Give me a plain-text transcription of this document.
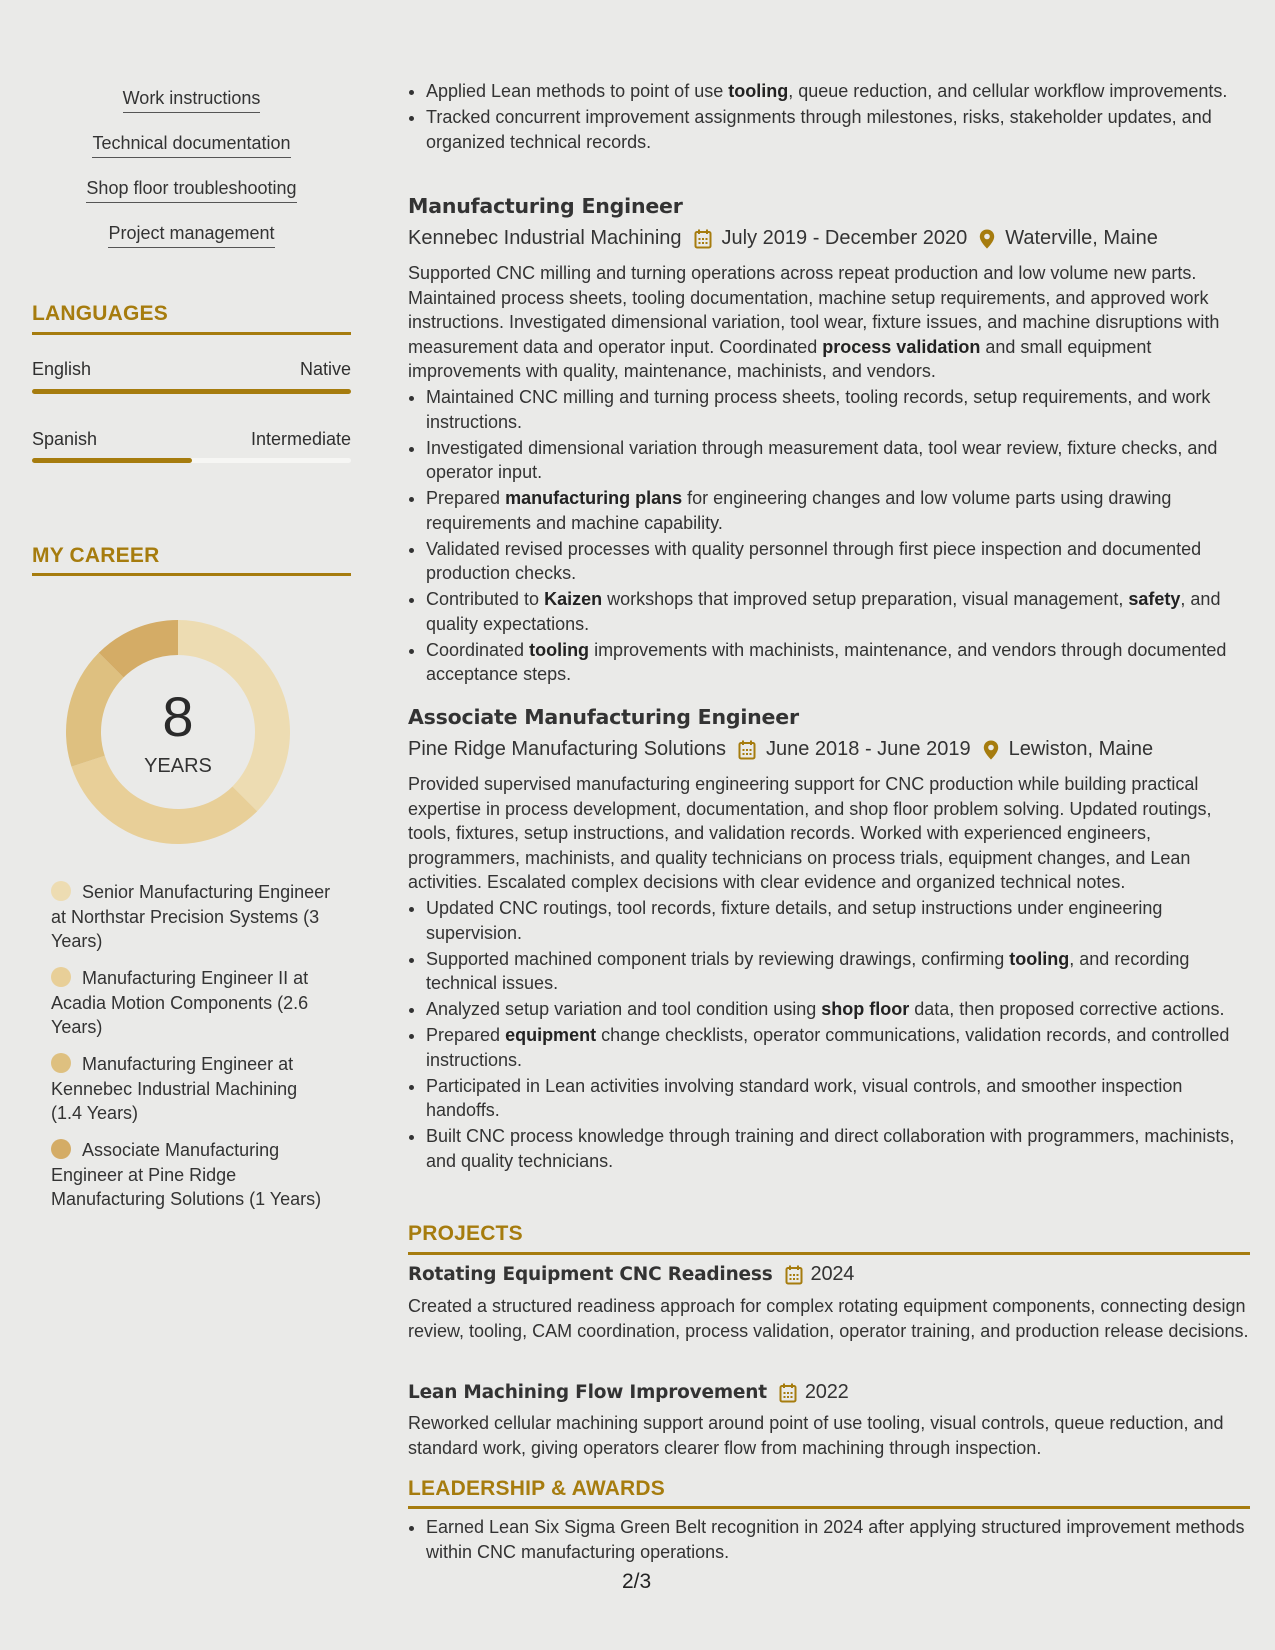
Work instructions
Technical documentation
Shop floor troubleshooting
Project management
LANGUAGES
English	Native
Spanish	Intermediate
MY CAREER
8
YEARS
Senior Manufacturing Engineer at Northstar Precision Systems (3 Years)
Manufacturing Engineer II at Acadia Motion Components (2.6 Years)
Manufacturing Engineer at Kennebec Industrial Machining (1.4 Years)
Associate Manufacturing Engineer at Pine Ridge Manufacturing Solutions (1 Years)
• Applied Lean methods to point of use tooling, queue reduction, and cellular workflow improvements.
• Tracked concurrent improvement assignments through milestones, risks, stakeholder updates, and organized technical records.
Manufacturing Engineer
Kennebec Industrial Machining July 2019 - December 2020 Waterville, Maine
Supported CNC milling and turning operations across repeat production and low volume new parts. Maintained process sheets, tooling documentation, machine setup requirements, and approved work instructions. Investigated dimensional variation, tool wear, fixture issues, and machine disruptions with measurement data and operator input. Coordinated process validation and small equipment improvements with quality, maintenance, machinists, and vendors.
• Maintained CNC milling and turning process sheets, tooling records, setup requirements, and work instructions.
• Investigated dimensional variation through measurement data, tool wear review, fixture checks, and operator input.
• Prepared manufacturing plans for engineering changes and low volume parts using drawing requirements and machine capability.
• Validated revised processes with quality personnel through first piece inspection and documented production checks.
• Contributed to Kaizen workshops that improved setup preparation, visual management, safety, and quality expectations.
• Coordinated tooling improvements with machinists, maintenance, and vendors through documented acceptance steps.
Associate Manufacturing Engineer
Pine Ridge Manufacturing Solutions June 2018 - June 2019 Lewiston, Maine
Provided supervised manufacturing engineering support for CNC production while building practical expertise in process development, documentation, and shop floor problem solving. Updated routings, tools, fixtures, setup instructions, and validation records. Worked with experienced engineers, programmers, machinists, and quality technicians on process trials, equipment changes, and Lean activities. Escalated complex decisions with clear evidence and organized technical notes.
• Updated CNC routings, tool records, fixture details, and setup instructions under engineering supervision.
• Supported machined component trials by reviewing drawings, confirming tooling, and recording technical issues.
• Analyzed setup variation and tool condition using shop floor data, then proposed corrective actions.
• Prepared equipment change checklists, operator communications, validation records, and controlled instructions.
• Participated in Lean activities involving standard work, visual controls, and smoother inspection handoffs.
• Built CNC process knowledge through training and direct collaboration with programmers, machinists, and quality technicians.
PROJECTS
Rotating Equipment CNC Readiness 2024
Created a structured readiness approach for complex rotating equipment components, connecting design review, tooling, CAM coordination, process validation, operator training, and production release decisions.
Lean Machining Flow Improvement 2022
Reworked cellular machining support around point of use tooling, visual controls, queue reduction, and standard work, giving operators clearer flow from machining through inspection.
LEADERSHIP & AWARDS
• Earned Lean Six Sigma Green Belt recognition in 2024 after applying structured improvement methods within CNC manufacturing operations.
2/3
